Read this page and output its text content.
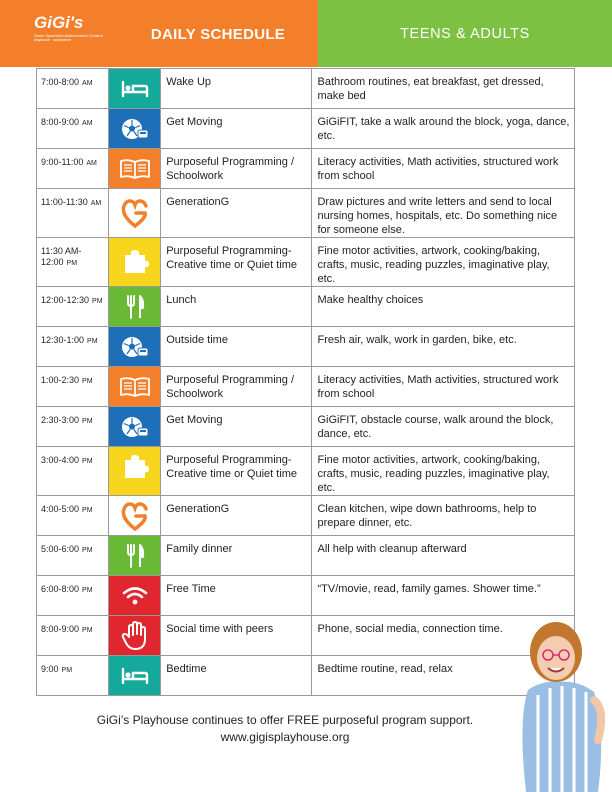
GiGi's
Down Syndrome Achievement Centers
playhouse · acceptance	DAILY SCHEDULE	TEENS & ADULTS
7:00-8:00 AM		Wake Up	Bathroom routines, eat breakfast, get dressed, make bed

8:00-9:00 AM		Get Moving	GiGiFIT, take a walk around the block, yoga, dance, etc.

9:00-11:00 AM		Purposeful Programming / Schoolwork	Literacy activities, Math activities, structured work from school

11:00-11:30 AM		GenerationG	Draw pictures and write letters and send to local nursing homes, hospitals, etc. Do something nice for someone else.

11:30 AM-12:00 PM		Purposeful Programming-Creative time or Quiet time	Fine motor activities, artwork, cooking/baking, crafts, music, reading puzzles, imaginative play, etc.

12:00-12:30 PM		Lunch	Make healthy choices

12:30-1:00 PM		Outside time	Fresh air, walk, work in garden, bike, etc.

1:00-2:30 PM		Purposeful Programming / Schoolwork	Literacy activities, Math activities, structured work from school

2:30-3:00 PM		Get Moving	GiGiFIT, obstacle course, walk around the block, dance, etc.

3:00-4:00 PM		Purposeful Programming-Creative time or Quiet time	Fine motor activities, artwork, cooking/baking, crafts, music, reading puzzles, imaginative play, etc.

4:00-5:00 PM		GenerationG	Clean kitchen, wipe down bathrooms, help to prepare dinner, etc.

5:00-6:00 PM		Family dinner	All help with cleanup afterward

6:00-8:00 PM		Free Time	“TV/movie, read, family games. Shower time.”

8:00-9:00 PM		Social time with peers	Phone, social media, connection time.

9:00 PM		Bedtime	Bedtime routine, read, relax
GiGi’s Playhouse continues to offer FREE purposeful program support.
www.gigisplayhouse.org
